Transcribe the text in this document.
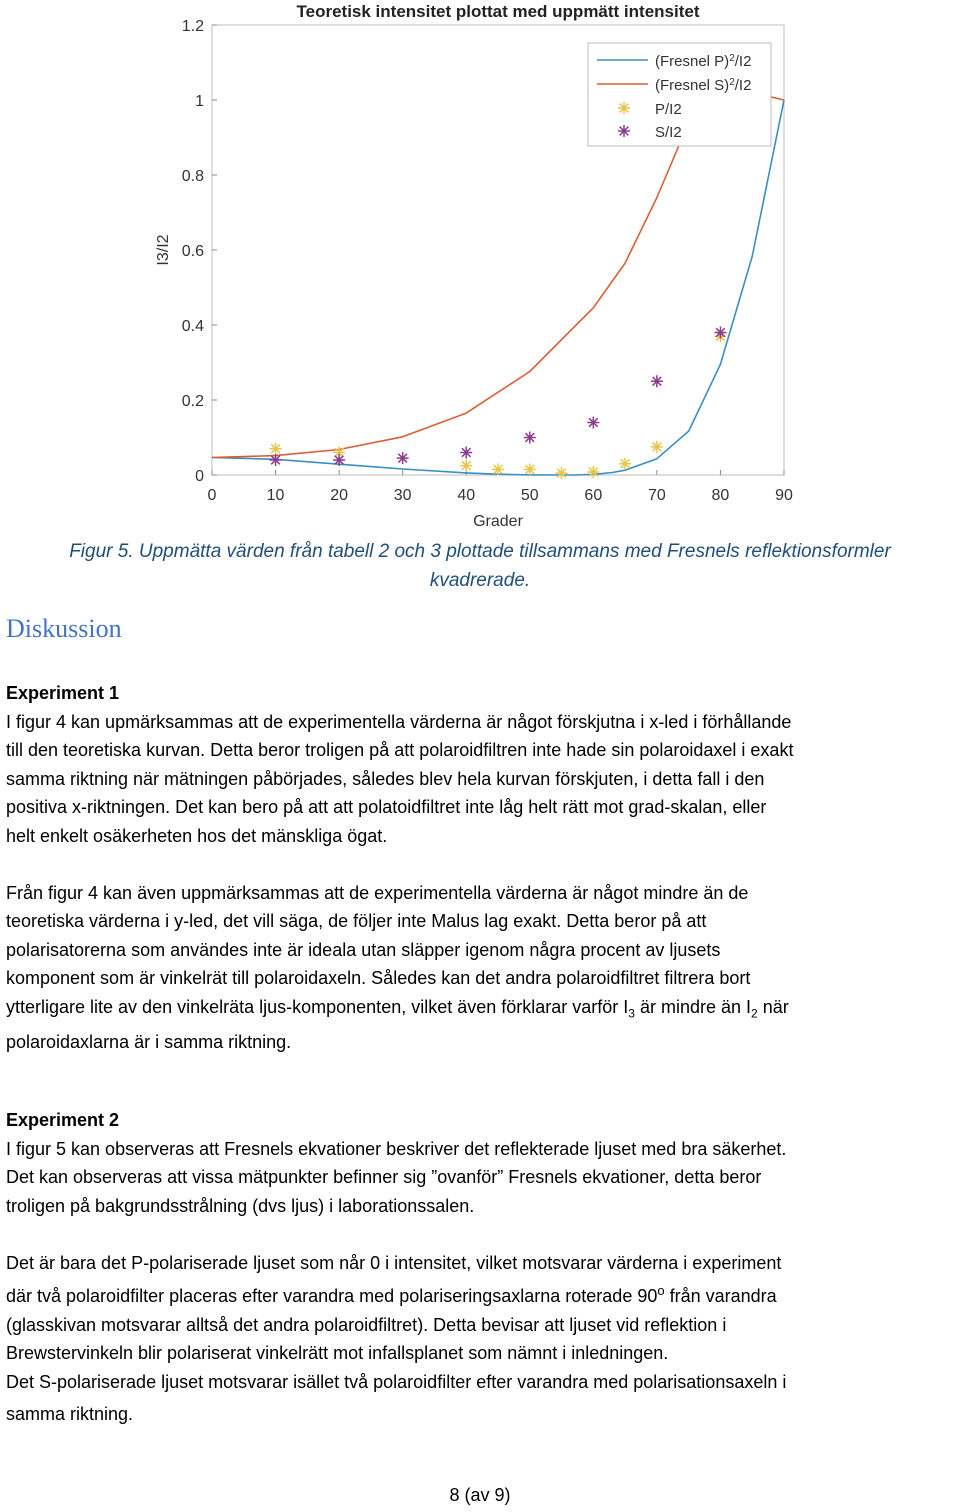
Teoretisk intensitet plottat med uppmätt intensitet
Grader
I3/I2
0	10	20	30	40	50	60	70	80	90
0
0.2
0.4
0.6
0.8
1
1.2
(Fresnel P)$^2$/I2
(Fresnel S)$^2$/I2
P/I2
S/I2
Figur 5. Uppmätta värden från tabell 2 och 3 plottade tillsammans med Fresnels reflektionsformler
kvadrerade.
Diskussion
Experiment 1

I figur 4 kan upmärksammas att de experimentella värderna är något förskjutna i x-led i förhållande
till den teoretiska kurvan. Detta beror troligen på att polaroidfiltren inte hade sin polaroidaxel i exakt
samma riktning när mätningen påbörjades, således blev hela kurvan förskjuten, i detta fall i den
positiva x-riktningen. Det kan bero på att att polatoidfiltret inte låg helt rätt mot grad-skalan, eller
helt enkelt osäkerheten hos det mänskliga ögat.

Från figur 4 kan även uppmärksammas att de experimentella värderna är något mindre än de
teoretiska värderna i y-led, det vill säga, de följer inte Malus lag exakt. Detta beror på att
polarisatorerna som användes inte är ideala utan släpper igenom några procent av ljusets
komponent som är vinkelrät till polaroidaxeln. Således kan det andra polaroidfiltret filtrera bort
ytterligare lite av den vinkelräta ljus-komponenten, vilket även förklarar varför $I_3$ är mindre än $I_2$ när
polaroidaxlarna är i samma riktning.

Experiment 2

I figur 5 kan observeras att Fresnels ekvationer beskriver det reflekterade ljuset med bra säkerhet.
Det kan observeras att vissa mätpunkter befinner sig ”ovanför” Fresnels ekvationer, detta beror
troligen på bakgrundsstrålning (dvs ljus) i laborationssalen.

Det är bara det P-polariserade ljuset som når 0 i intensitet, vilket motsvarar värderna i experiment
där två polaroidfilter placeras efter varandra med polariseringsaxlarna roterade 90$^o$ från varandra
(glasskivan motsvarar alltså det andra polaroidfiltret). Detta bevisar att ljuset vid reflektion i
Brewstervinkeln blir polariserat vinkelrätt mot infallsplanet som nämnt i inledningen.
Det S-polariserade ljuset motsvarar isället två polaroidfilter efter varandra med polarisationsaxeln i
samma riktning.

8 (av 9)
